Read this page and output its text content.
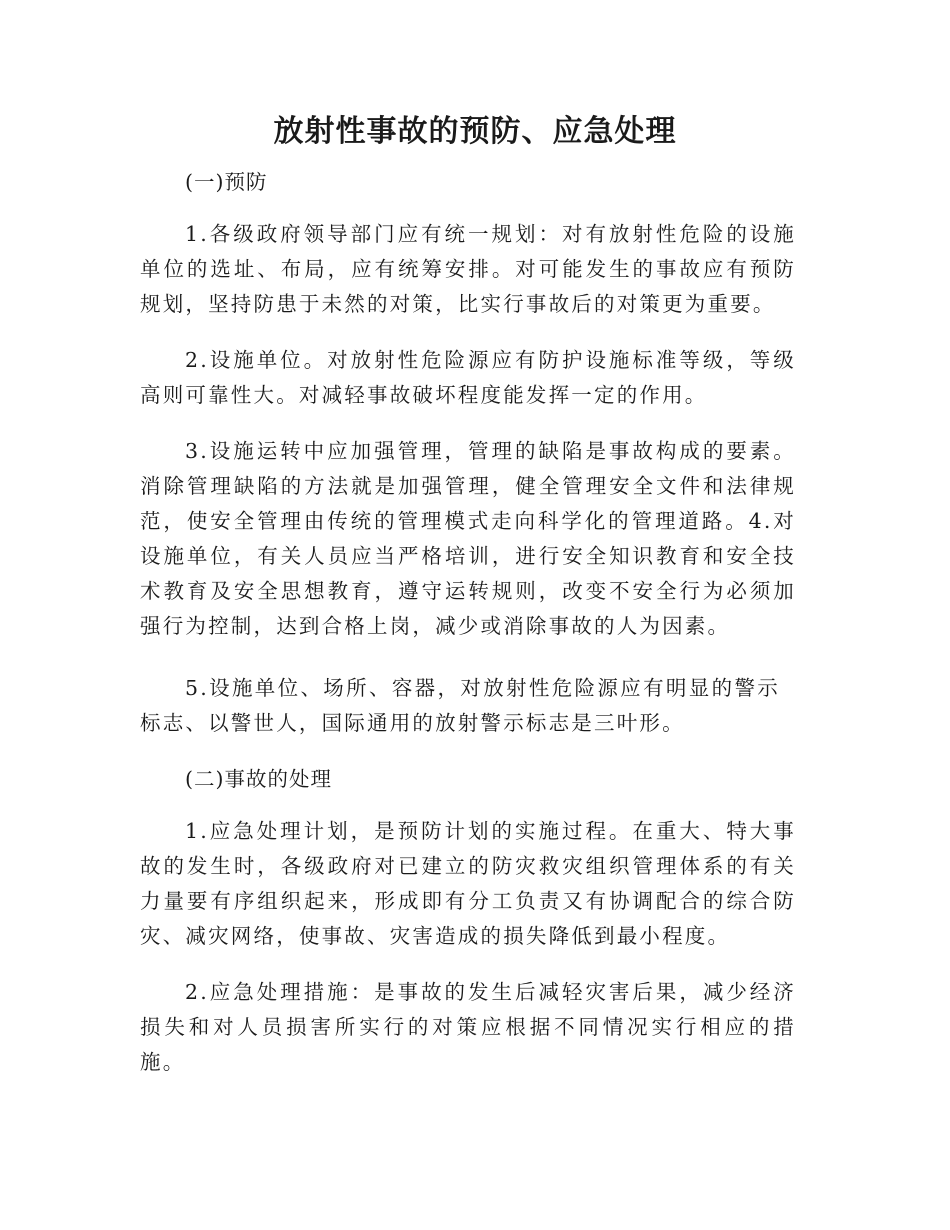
放射性事故的预防、应急处理

(一)预防

1.各级政府领导部门应有统一规划：对有放射性危险的设施单位的选址、布局，应有统筹安排。对可能发生的事故应有预防规划，坚持防患于未然的对策，比实行事故后的对策更为重要。

2.设施单位。对放射性危险源应有防护设施标准等级，等级高则可靠性大。对减轻事故破坏程度能发挥一定的作用。

3.设施运转中应加强管理，管理的缺陷是事故构成的要素。消除管理缺陷的方法就是加强管理，健全管理安全文件和法律规范，使安全管理由传统的管理模式走向科学化的管理道路。4.对设施单位，有关人员应当严格培训，进行安全知识教育和安全技术教育及安全思想教育，遵守运转规则，改变不安全行为必须加强行为控制，达到合格上岗，减少或消除事故的人为因素。

5.设施单位、场所、容器，对放射性危险源应有明显的警示标志、以警世人，国际通用的放射警示标志是三叶形。

(二)事故的处理

1.应急处理计划，是预防计划的实施过程。在重大、特大事故的发生时，各级政府对已建立的防灾救灾组织管理体系的有关力量要有序组织起来，形成即有分工负责又有协调配合的综合防灾、减灾网络，使事故、灾害造成的损失降低到最小程度。

2.应急处理措施：是事故的发生后减轻灾害后果，减少经济损失和对人员损害所实行的对策应根据不同情况实行相应的措施。
